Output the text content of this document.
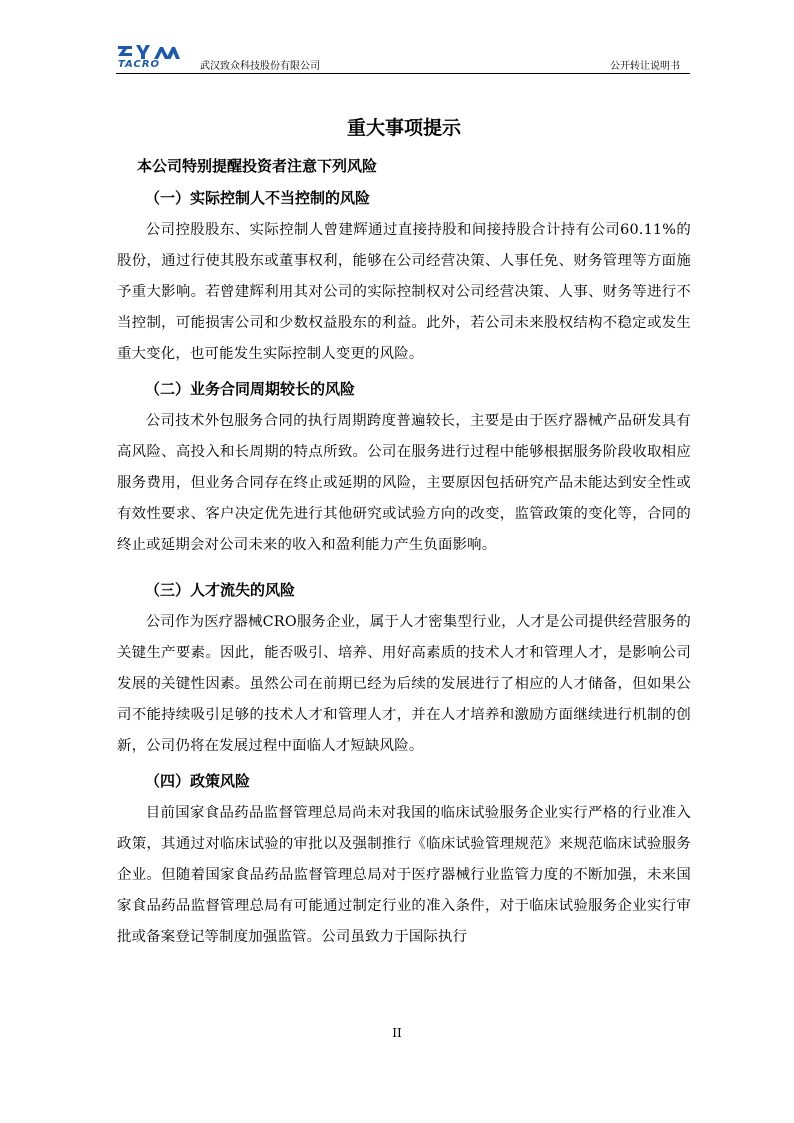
TACRO	武汉致众科技股份有限公司	公开转让说明书
重大事项提示
本公司特别提醒投资者注意下列风险
（一）实际控制人不当控制的风险

公司控股股东、实际控制人曾建辉通过直接持股和间接持股合计持有公司60.11%的股份，通过行使其股东或董事权利，能够在公司经营决策、人事任免、财务管理等方面施予重大影响。若曾建辉利用其对公司的实际控制权对公司经营决策、人事、财务等进行不当控制，可能损害公司和少数权益股东的利益。此外，若公司未来股权结构不稳定或发生重大变化，也可能发生实际控制人变更的风险。

（二）业务合同周期较长的风险

公司技术外包服务合同的执行周期跨度普遍较长，主要是由于医疗器械产品研发具有高风险、高投入和长周期的特点所致。公司在服务进行过程中能够根据服务阶段收取相应服务费用，但业务合同存在终止或延期的风险，主要原因包括研究产品未能达到安全性或有效性要求、客户决定优先进行其他研究或试验方向的改变，监管政策的变化等，合同的终止或延期会对公司未来的收入和盈利能力产生负面影响。

（三）人才流失的风险

公司作为医疗器械CRO服务企业，属于人才密集型行业，人才是公司提供经营服务的关键生产要素。因此，能否吸引、培养、用好高素质的技术人才和管理人才，是影响公司发展的关键性因素。虽然公司在前期已经为后续的发展进行了相应的人才储备，但如果公司不能持续吸引足够的技术人才和管理人才，并在人才培养和激励方面继续进行机制的创新，公司仍将在发展过程中面临人才短缺风险。

（四）政策风险

目前国家食品药品监督管理总局尚未对我国的临床试验服务企业实行严格的行业准入政策，其通过对临床试验的审批以及强制推行《临床试验管理规范》来规范临床试验服务企业。但随着国家食品药品监督管理总局对于医疗器械行业监管力度的不断加强，未来国家食品药品监督管理总局有可能通过制定行业的准入条件，对于临床试验服务企业实行审批或备案登记等制度加强监管。公司虽致力于国际执行

II
